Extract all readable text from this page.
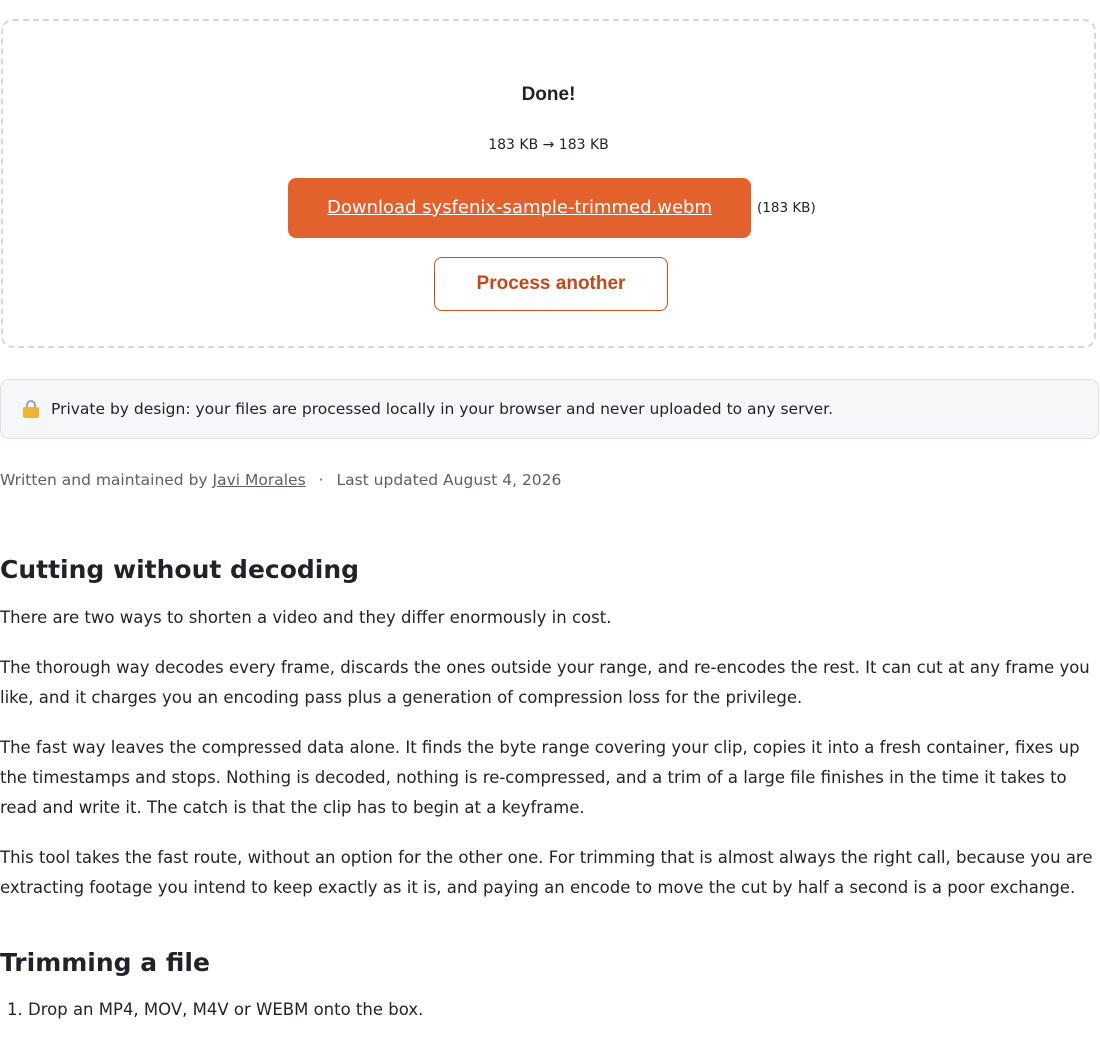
Done!
183 KB → 183 KB
Download sysfenix-sample-trimmed.webm	(183 KB)
Process another
Private by design: your files are processed locally in your browser and never uploaded to any server.
Written and maintained by Javi Morales · Last updated August 4, 2026
Cutting without decoding

There are two ways to shorten a video and they differ enormously in cost.

The thorough way decodes every frame, discards the ones outside your range, and re-encodes the rest. It can cut at any frame you

like, and it charges you an encoding pass plus a generation of compression loss for the privilege.

The fast way leaves the compressed data alone. It finds the byte range covering your clip, copies it into a fresh container, fixes up

the timestamps and stops. Nothing is decoded, nothing is re-compressed, and a trim of a large file finishes in the time it takes to

read and write it. The catch is that the clip has to begin at a keyframe.

This tool takes the fast route, without an option for the other one. For trimming that is almost always the right call, because you are

extracting footage you intend to keep exactly as it is, and paying an encode to move the cut by half a second is a poor exchange.

Trimming a file
1. Drop an MP4, MOV, M4V or WEBM onto the box.
